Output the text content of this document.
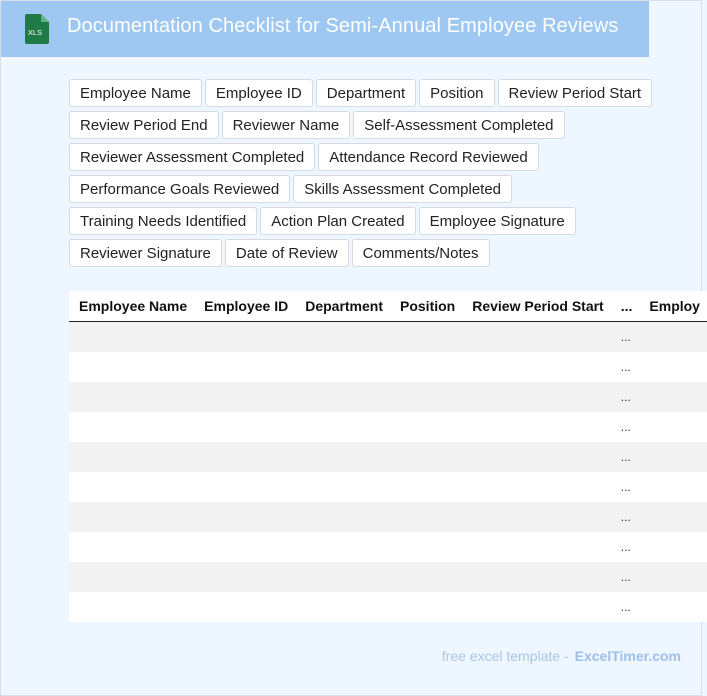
XLS Documentation Checklist for Semi-Annual Employee Reviews
Employee Name	Employee ID	Department	Position	Review Period Start
Review Period End	Reviewer Name	Self-Assessment Completed
Reviewer Assessment Completed	Attendance Record Reviewed
Performance Goals Reviewed	Skills Assessment Completed
Training Needs Identified	Action Plan Created	Employee Signature
Reviewer Signature	Date of Review	Comments/Notes
Employee Name	Employee ID	Department	Position	Review Period Start	...	Employ
					...	
					...	
					...	
					...	
					...	
					...	
					...	
					...	
					...	
					...	
free excel template - ExcelTimer.com
